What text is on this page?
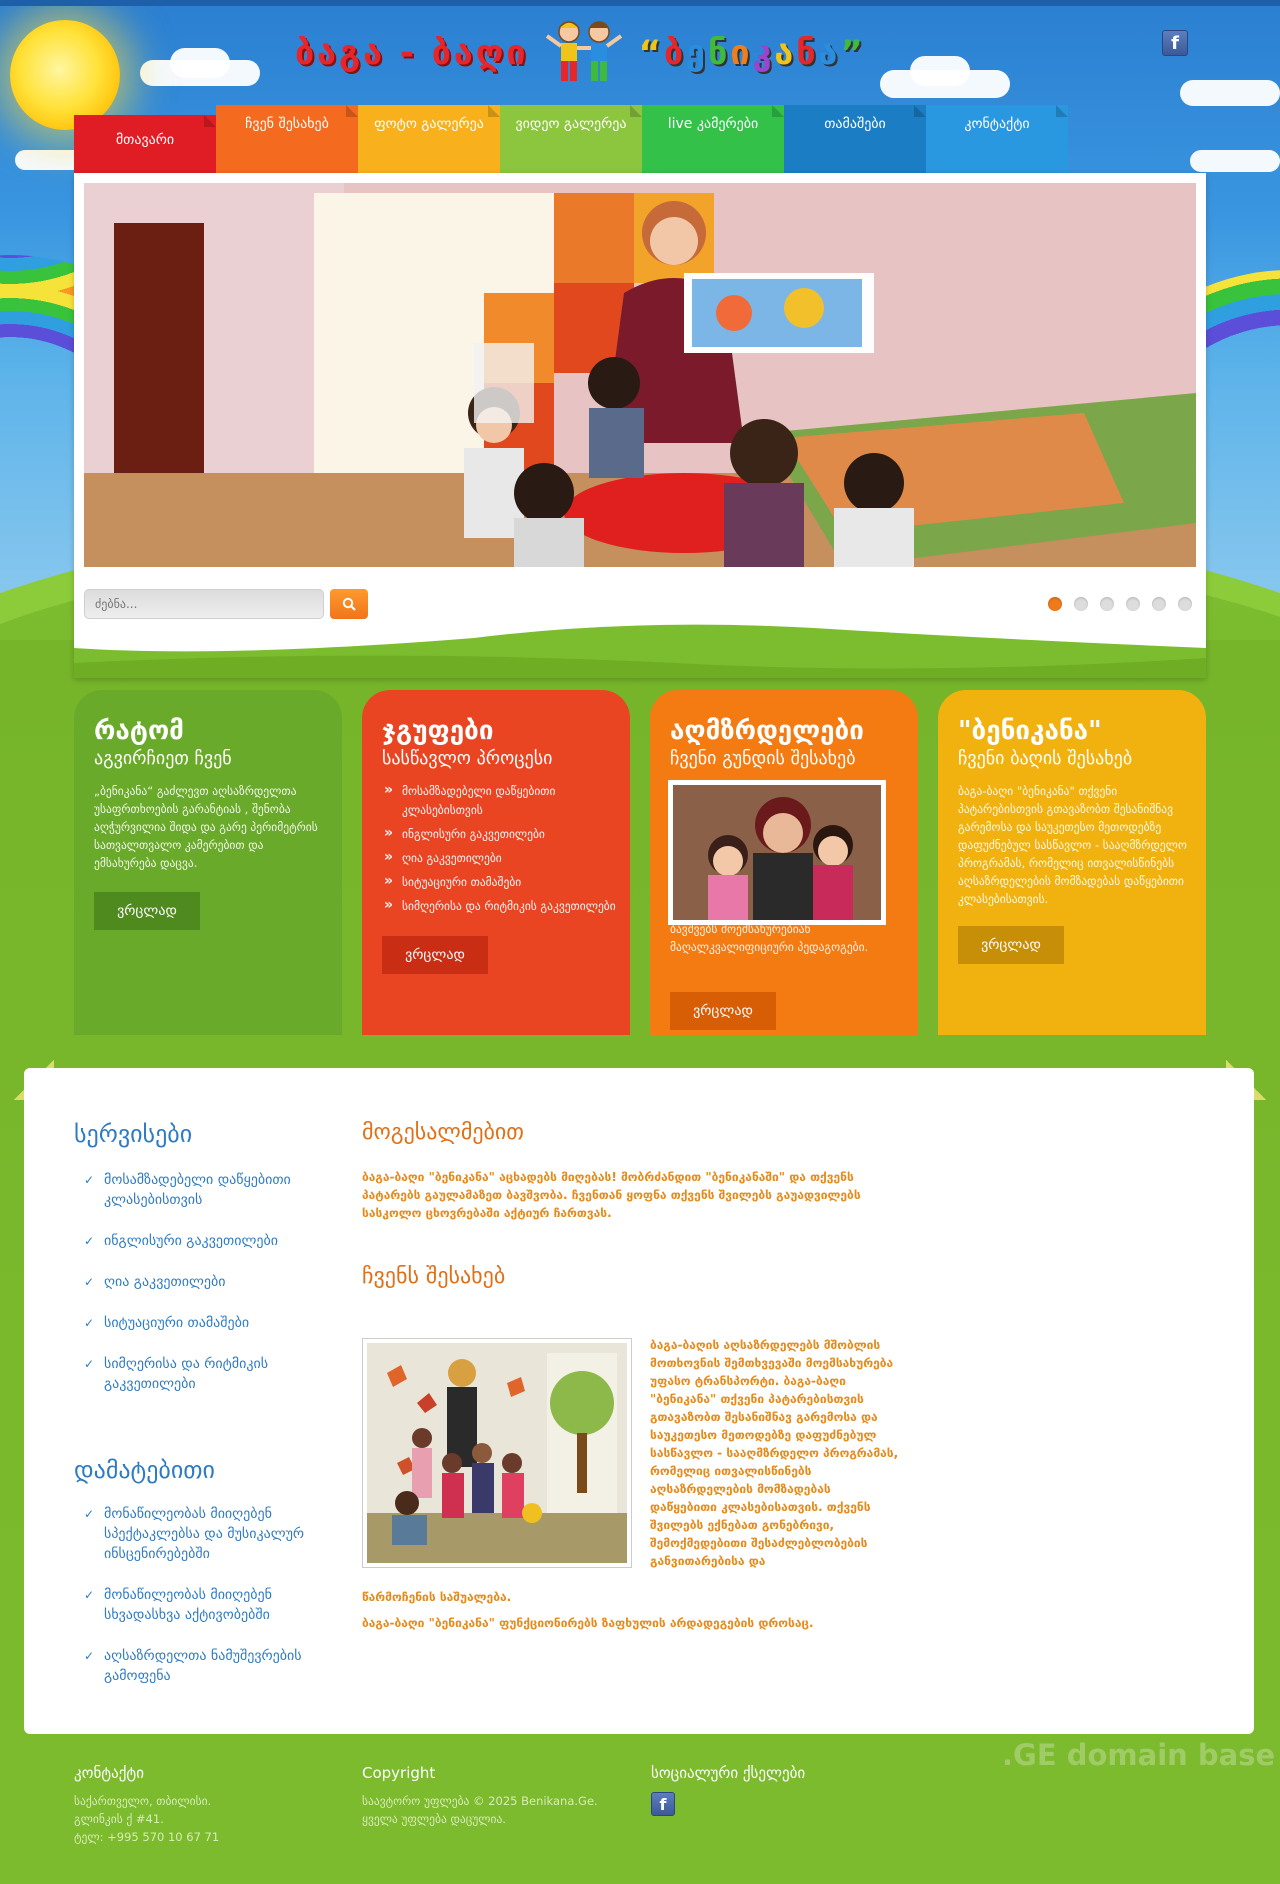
ბაგა - ბაღი	“ბენიკანა”	f
მთავარი
ჩვენ შესახებ	ფოტო გალერეა ვიდეო გალერეა	live კამერები	თამაშები	კონტაქტი
ძებნა...
რატომ
აგვირჩიეთ ჩვენ
„ბენიკანა“ გაძლევთ აღსაზრდელთა უსაფრთხოების გარანტიას , შენობა აღჭურვილია შიდა და გარე პერიმეტრის სათვალთვალო კამერებით და ემსახურება დაცვა.
ვრცლად
ჯგუფები
სასწავლო პროცესი
» მოსამზადებელი დაწყებითი კლასებისთვის
» ინგლისური გაკვეთილები
» ღია გაკვეთილები
» სიტუაციური თამაშები
» სიმღერისა და რიტმიკის გაკვეთილები
ვრცლად
აღმზრდელები
ჩვენი გუნდის შესახებ
ბავშვებს მოემსახურებიან მაღალკვალიფიციური პედაგოგები.
ვრცლად
"ბენიკანა"
ჩვენი ბაღის შესახებ
ბაგა-ბაღი "ბენიკანა" თქვენი პატარებისთვის გთავაზობთ შესანიშნავ გარემოსა და საუკეთესო მეთოდებზე დაფუძნებულ სასწავლო - სააღმზრდელო პროგრამას, რომელიც ითვალისწინებს აღსაზრდელების მომზადებას დაწყებითი კლასებისათვის.
ვრცლად
სერვისები
✓ მოსამზადებელი დაწყებითი კლასებისთვის
✓ ინგლისური გაკვეთილები
✓ ღია გაკვეთილები
✓ სიტუაციური თამაშები
✓ სიმღერისა და რიტმიკის გაკვეთილები
დამატებითი
✓ მონაწილეობას მიიღებენ სპექტაკლებსა და მუსიკალურ ინსცენირებებში
✓ მონაწილეობას მიიღებენ სხვადასხვა აქტივობებში
✓ აღსაზრდელთა ნამუშევრების გამოფენა
მოგესალმებით
ბაგა-ბაღი "ბენიკანა" აცხადებს მიღებას! მობრძანდით "ბენიკანაში" და თქვენს პატარებს გაულამაზეთ ბავშვობა. ჩვენთან ყოფნა თქვენს შვილებს გაუადვილებს სასკოლო ცხოვრებაში აქტიურ ჩართვას.
ჩვენს შესახებ
ბაგა-ბაღის აღსაზრდელებს მშობლის მოთხოვნის შემთხვევაში მოემსახურება უფასო ტრანსპორტი. ბაგა-ბაღი "ბენიკანა" თქვენი პატარებისთვის გთავაზობთ შესანიშნავ გარემოსა და საუკეთესო მეთოდებზე დაფუძნებულ სასწავლო - სააღმზრდელო პროგრამას, რომელიც ითვალისწინებს აღსაზრდელების მომზადებას დაწყებითი კლასებისათვის. თქვენს შვილებს ექნებათ გონებრივი, შემოქმედებითი შესაძლებლობების განვითარებისა და
წარმოჩენის საშუალება.
ბაგა-ბაღი "ბენიკანა" ფუნქციონირებს ზაფხულის არდადეგების დროსაც.
კონტაქტი
საქართველო, თბილისი.
გლინკის ქ #41.
ტელ: +995 570 10 67 71
Copyright
საავტორო უფლება © 2025 Benikana.Ge.
ყველა უფლება დაცულია.
სოციალური ქსელები
f
.GE domain base
